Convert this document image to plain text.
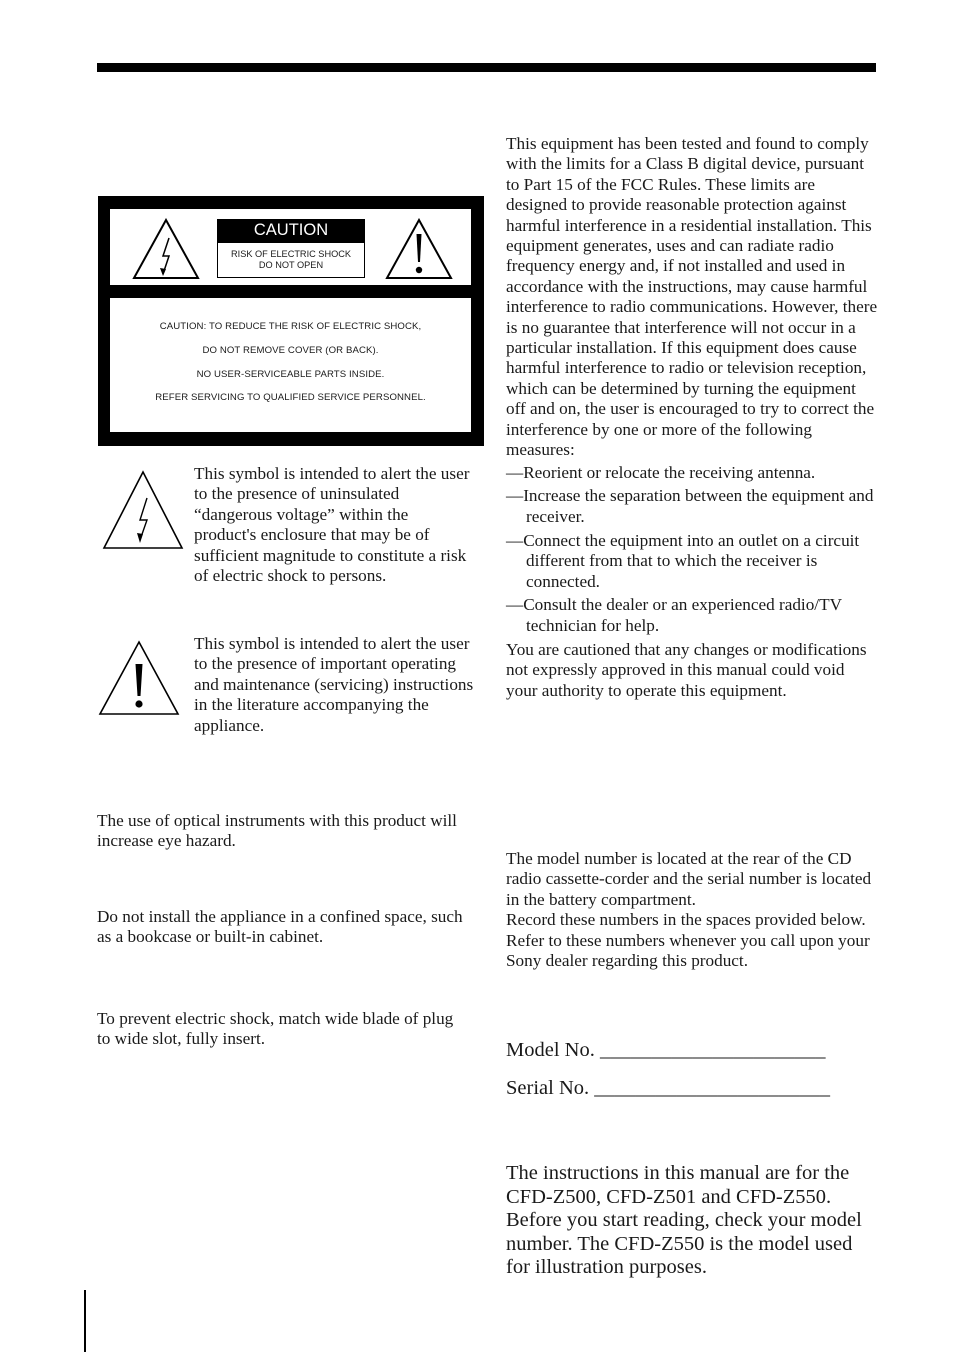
CAUTION
RISK OF ELECTRIC SHOCK
DO NOT OPEN
CAUTION: TO REDUCE THE RISK OF ELECTRIC SHOCK,
DO NOT REMOVE COVER (OR BACK).
NO USER-SERVICEABLE PARTS INSIDE.
REFER SERVICING TO QUALIFIED SERVICE PERSONNEL.

This symbol is intended to alert the user to the presence of uninsulated “dangerous voltage” within the product's enclosure that may be of sufficient magnitude to constitute a risk of electric shock to persons.

This symbol is intended to alert the user to the presence of important operating and maintenance (servicing) instructions in the literature accompanying the appliance.

The use of optical instruments with this product will increase eye hazard.

Do not install the appliance in a confined space, such as a bookcase or built-in cabinet.

To prevent electric shock, match wide blade of plug to wide slot, fully insert.

This equipment has been tested and found to comply with the limits for a Class B digital device, pursuant to Part 15 of the FCC Rules. These limits are designed to provide reasonable protection against harmful interference in a residential installation. This equipment generates, uses and can radiate radio frequency energy and, if not installed and used in accordance with the instructions, may cause harmful interference to radio communications. However, there is no guarantee that interference will not occur in a particular installation. If this equipment does cause harmful interference to radio or television reception, which can be determined by turning the equipment off and on, the user is encouraged to try to correct the interference by one or more of the following measures:

—Reorient or relocate the receiving antenna.
—Increase the separation between the equipment and receiver.
—Connect the equipment into an outlet on a circuit different from that to which the receiver is connected.
—Consult the dealer or an experienced radio/TV technician for help.

You are cautioned that any changes or modifications not expressly approved in this manual could void your authority to operate this equipment.

The model number is located at the rear of the CD radio cassette-corder and the serial number is located in the battery compartment.

Record these numbers in the spaces provided below. Refer to these numbers whenever you call upon your Sony dealer regarding this product.

Model No. ______________________
Serial No. _______________________

The instructions in this manual are for the CFD-Z500, CFD-Z501 and CFD-Z550. Before you start reading, check your model number. The CFD-Z550 is the model used for illustration purposes.
